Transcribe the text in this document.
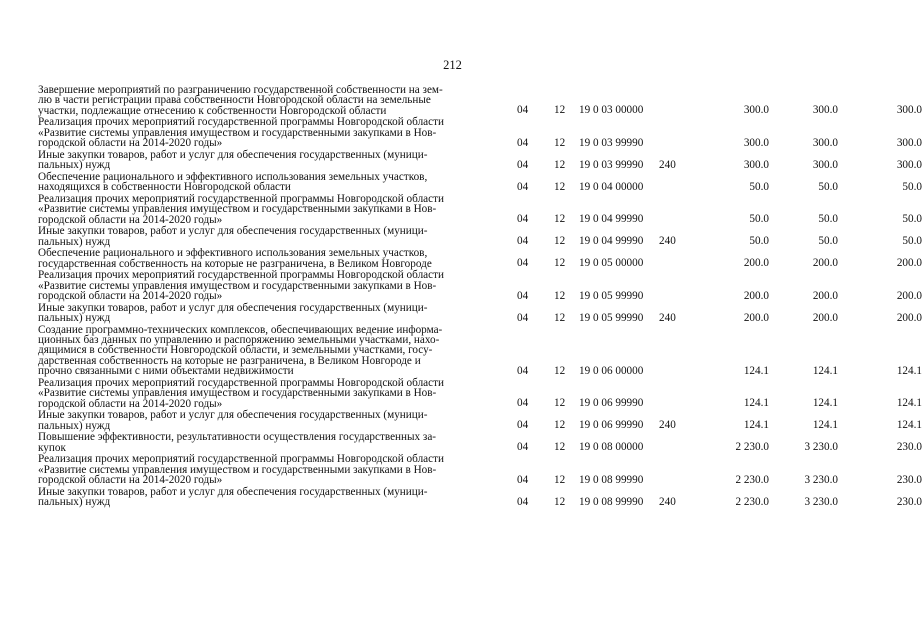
212
Завершение мероприятий по разграничению государственной собственности на зем-
лю в части регистрации права собственности Новгородской области на земельные
участки, подлежащие отнесению к собственности Новгородской области	04	12	19 0 03 00000		300.0	300.0	300.0

Реализация прочих мероприятий государственной программы Новгородской области
«Развитие системы управления имуществом и государственными закупками в Нов-
городской области на 2014-2020 годы»	04	12	19 0 03 99990		300.0	300.0	300.0

Иные закупки товаров, работ и услуг для обеспечения государственных (муници-
пальных) нужд	04	12	19 0 03 99990	240	300.0	300.0	300.0

Обеспечение рационального и эффективного использования земельных участков,
находящихся в собственности Новгородской области	04	12	19 0 04 00000		50.0	50.0	50.0

Реализация прочих мероприятий государственной программы Новгородской области
«Развитие системы управления имуществом и государственными закупками в Нов-
городской области на 2014-2020 годы»	04	12	19 0 04 99990		50.0	50.0	50.0

Иные закупки товаров, работ и услуг для обеспечения государственных (муници-
пальных) нужд	04	12	19 0 04 99990	240	50.0	50.0	50.0

Обеспечение рационального и эффективного использования земельных участков,
государственная собственность на которые не разграничена, в Великом Новгороде	04	12	19 0 05 00000		200.0	200.0	200.0

Реализация прочих мероприятий государственной программы Новгородской области
«Развитие системы управления имуществом и государственными закупками в Нов-
городской области на 2014-2020 годы»	04	12	19 0 05 99990		200.0	200.0	200.0

Иные закупки товаров, работ и услуг для обеспечения государственных (муници-
пальных) нужд	04	12	19 0 05 99990	240	200.0	200.0	200.0

Создание программно-технических комплексов, обеспечивающих ведение информа-
ционных баз данных по управлению и распоряжению земельными участками, нахо-
дящимися в собственности Новгородской области, и земельными участками, госу-
дарственная собственность на которые не разграничена, в Великом Новгороде и
прочно связанными с ними объектами недвижимости	04	12	19 0 06 00000		124.1	124.1	124.1

Реализация прочих мероприятий государственной программы Новгородской области
«Развитие системы управления имуществом и государственными закупками в Нов-
городской области на 2014-2020 годы»	04	12	19 0 06 99990		124.1	124.1	124.1

Иные закупки товаров, работ и услуг для обеспечения государственных (муници-
пальных) нужд	04	12	19 0 06 99990	240	124.1	124.1	124.1

Повышение эффективности, результативности осуществления государственных за-
купок	04	12	19 0 08 00000		2 230.0	3 230.0	230.0

Реализация прочих мероприятий государственной программы Новгородской области
«Развитие системы управления имуществом и государственными закупками в Нов-
городской области на 2014-2020 годы»	04	12	19 0 08 99990		2 230.0	3 230.0	230.0

Иные закупки товаров, работ и услуг для обеспечения государственных (муници-
пальных) нужд	04	12	19 0 08 99990	240	2 230.0	3 230.0	230.0
